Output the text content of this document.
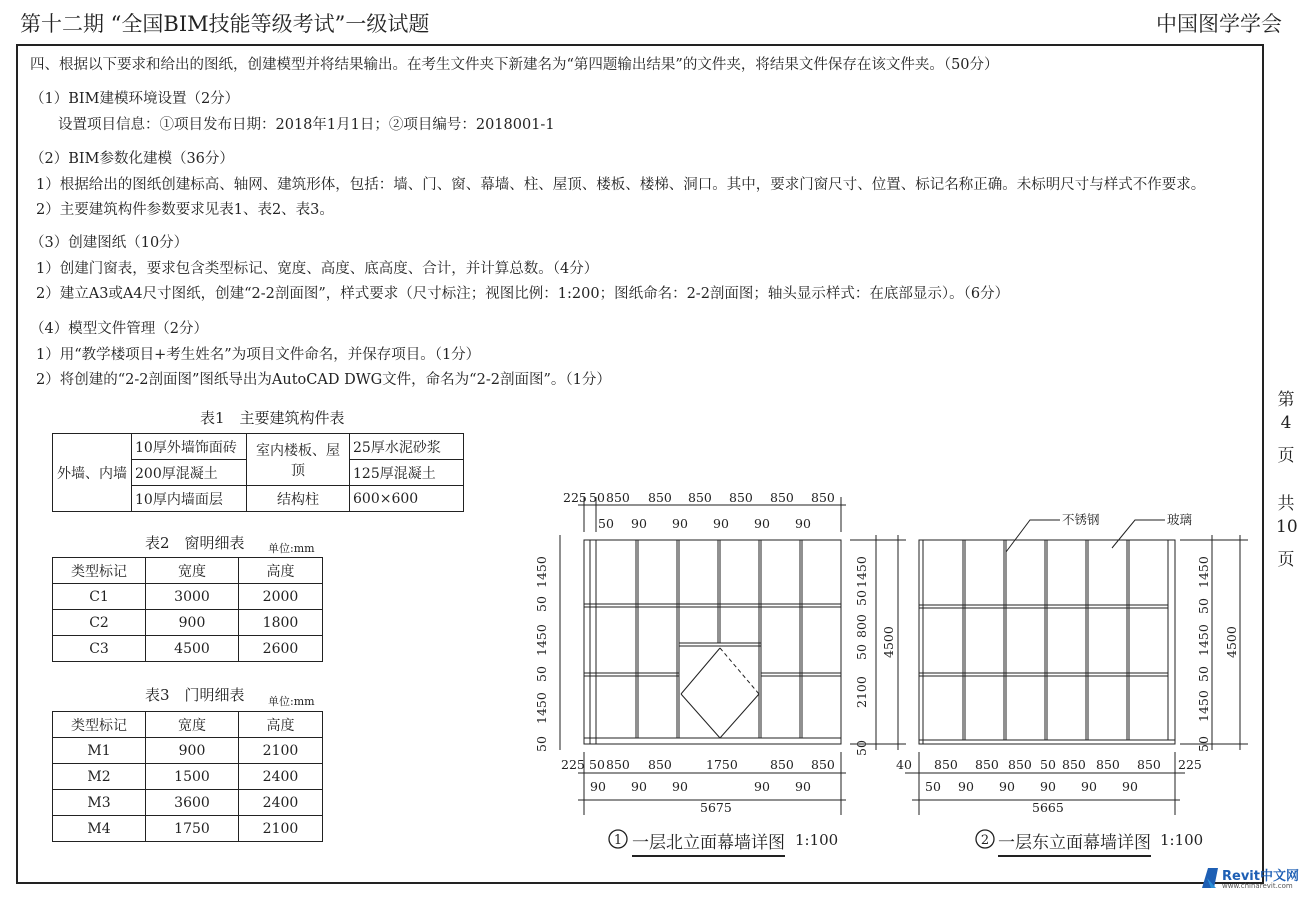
第十二期 “全国BIM技能等级考试”一级试题	中国图学学会
四、根据以下要求和给出的图纸，创建模型并将结果输出。在考生文件夹下新建名为“第四题输出结果”的文件夹，将结果文件保存在该文件夹。（50分）
（1）BIM建模环境设置（2分）
设置项目信息：①项目发布日期：2018年1月1日；②项目编号：2018001-1
（2）BIM参数化建模（36分）
1）根据给出的图纸创建标高、轴网、建筑形体，包括：墙、门、窗、幕墙、柱、屋顶、楼板、楼梯、洞口。其中，要求门窗尺寸、位置、标记名称正确。未标明尺寸与样式不作要求。
2）主要建筑构件参数要求见表1、表2、表3。
（3）创建图纸（10分）
1）创建门窗表，要求包含类型标记、宽度、高度、底高度、合计，并计算总数。（4分）
2）建立A3或A4尺寸图纸，创建“2-2剖面图”，样式要求（尺寸标注；视图比例：1:200；图纸命名：2-2剖面图；轴头显示样式：在底部显示）。（6分）
（4）模型文件管理（2分）
1）用“教学楼项目+考生姓名”为项目文件命名，并保存项目。（1分）
2）将创建的“2-2剖面图”图纸导出为AutoCAD DWG文件，命名为“2-2剖面图”。（1分）
第
4
页
共
10
页
表1　主要建筑构件表
外墙、内墙	10厚外墙饰面砖	室内楼板、屋顶	25厚水泥砂浆
	200厚混凝土		125厚混凝土
	10厚内墙面层	结构柱	600×600
表2　窗明细表 单位:mm
类型标记	宽度	高度
C1	3000	2000
C2	900	1800
C3	4500	2600
表3　门明细表 单位:mm
类型标记	宽度	高度
M1	900	2100
M2	1500	2400
M3	3600	2400
M4	1750	2100
225 50 850 850 850 850 850 850
50 90 90 90 90 90
225 50 850 850	1750	850 850
90 90 90	90 90
5675
1450
50
1450
50
1450
50
1450
50
800
50
2100
50
4500
1 一层北立面幕墙详图 1:100
不锈钢	玻璃
40 850 850 850 50 850 850 850 225
50 90 90 90 90 90
5665
1450
50
1450
50
1450
50
4500
2 一层东立面幕墙详图 1:100
Revit中文网
www.chinarevit.com
